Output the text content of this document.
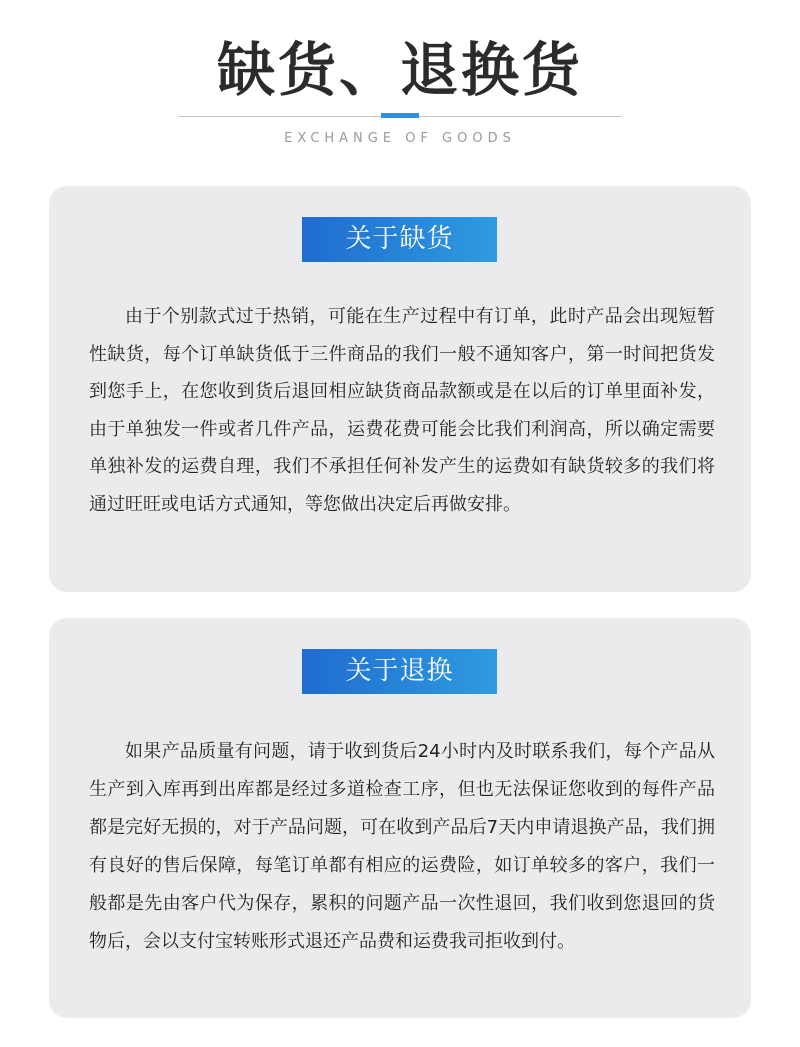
缺货、退换货
EXCHANGE OF GOODS
关于缺货

由于个别款式过于热销，可能在生产过程中有订单，此时产品会出现短暂性缺货，每个订单缺货低于三件商品的我们一般不通知客户，第一时间把货发到您手上，在您收到货后退回相应缺货商品款额或是在以后的订单里面补发，由于单独发一件或者几件产品，运费花费可能会比我们利润高，所以确定需要单独补发的运费自理，我们不承担任何补发产生的运费如有缺货较多的我们将通过旺旺或电话方式通知，等您做出决定后再做安排。

关于退换

如果产品质量有问题，请于收到货后24小时内及时联系我们，每个产品从生产到入库再到出库都是经过多道检查工序，但也无法保证您收到的每件产品都是完好无损的，对于产品问题，可在收到产品后7天内申请退换产品，我们拥有良好的售后保障，每笔订单都有相应的运费险，如订单较多的客户，我们一般都是先由客户代为保存，累积的问题产品一次性退回，我们收到您退回的货物后，会以支付宝转账形式退还产品费和运费我司拒收到付。
